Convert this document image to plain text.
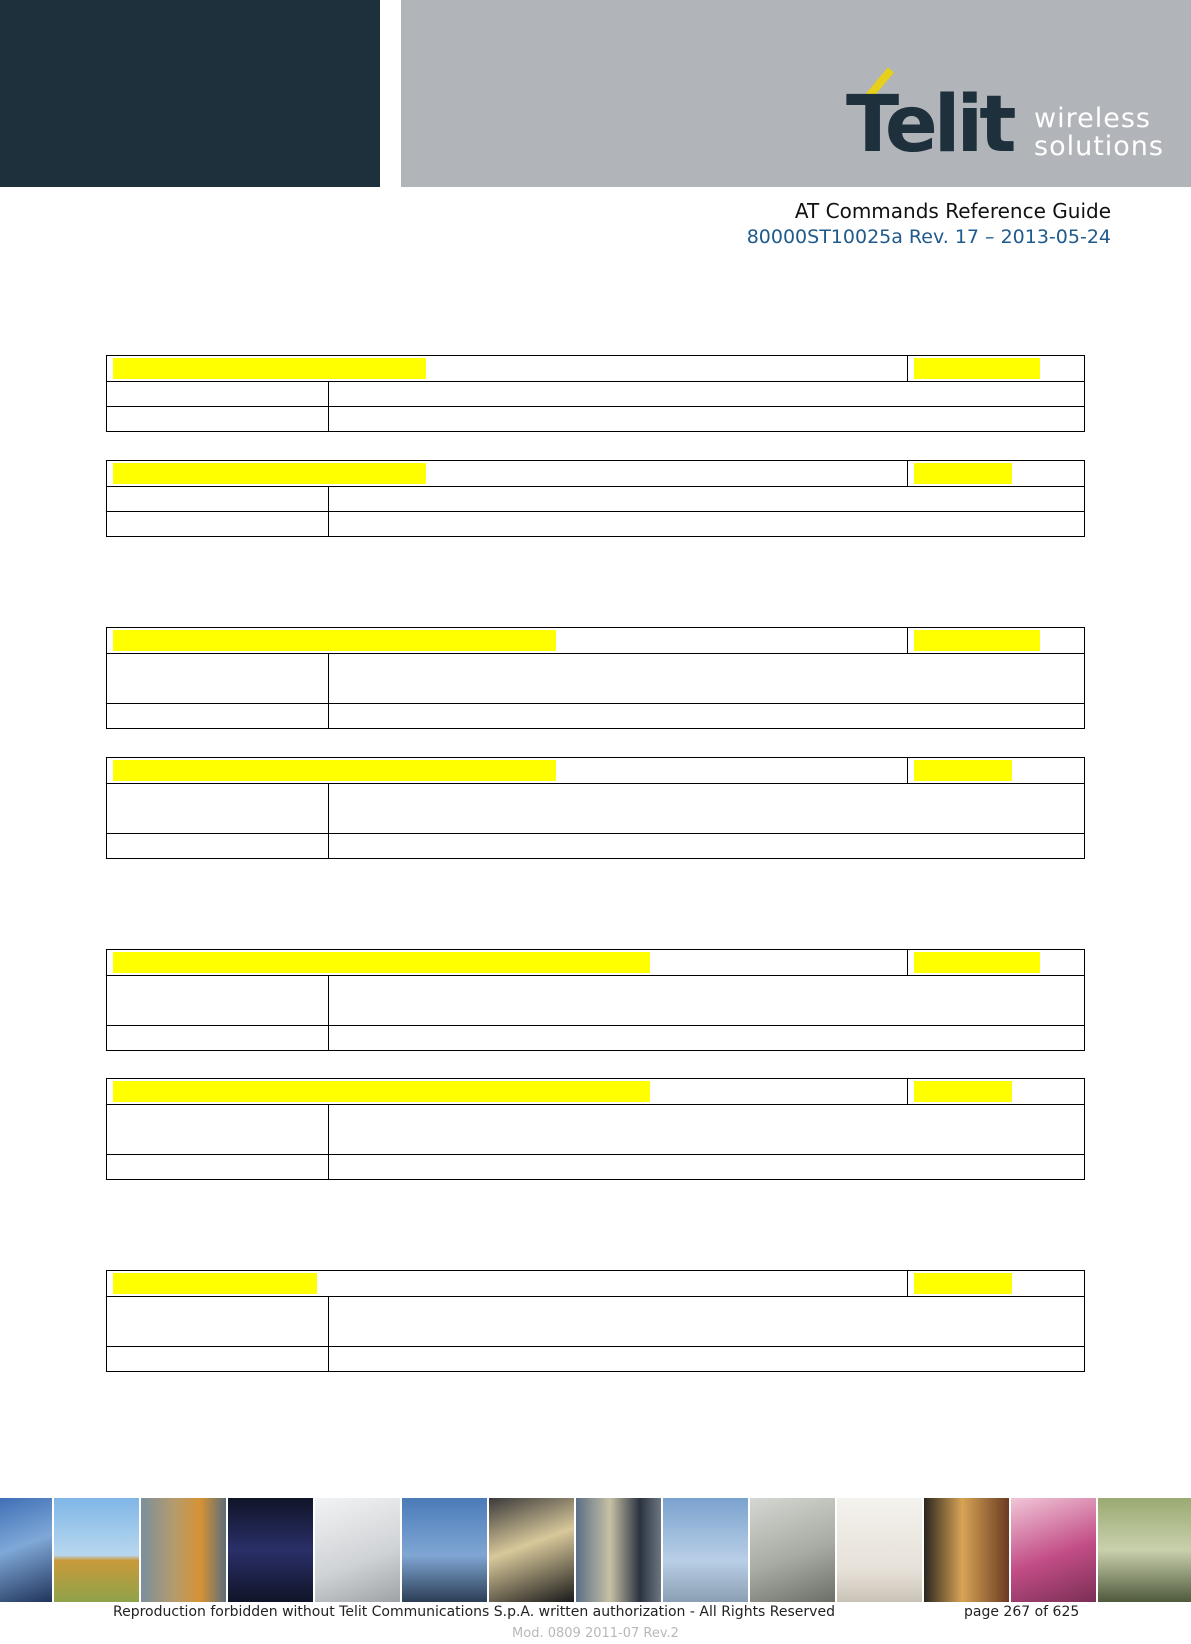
Telit wireless
solutions
AT Commands Reference Guide
80000ST10025a Rev. 17 – 2013-05-24
Reproduction forbidden without Telit Communications S.p.A. written authorization - All Rights Reserved	page 267 of 625
Mod. 0809 2011-07 Rev.2
